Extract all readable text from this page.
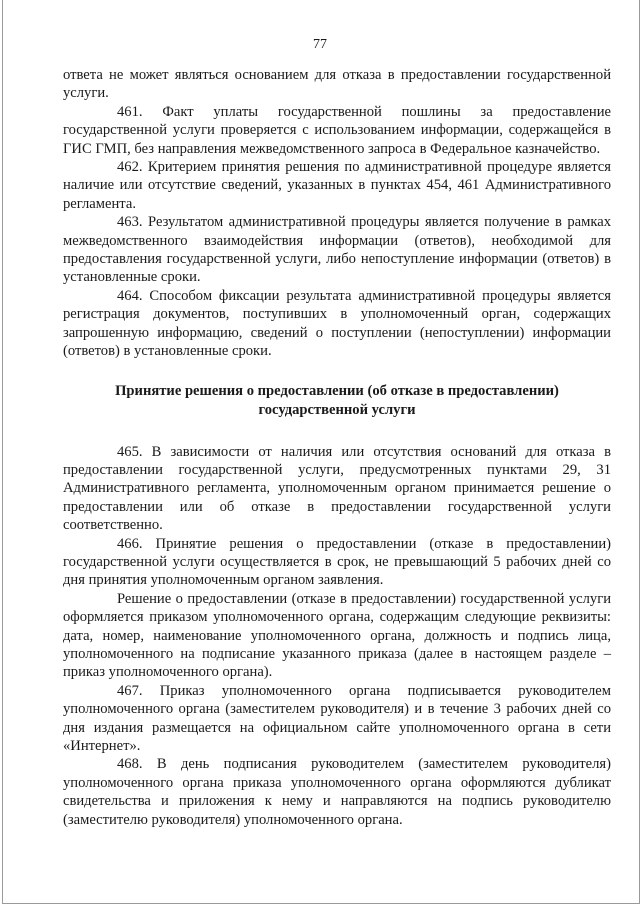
77

ответа не может являться основанием для отказа в предоставлении государственной услуги.

461. Факт уплаты государственной пошлины за предоставление государственной услуги проверяется с использованием информации, содержащейся в ГИС ГМП, без направления межведомственного запроса в Федеральное казначейство.

462. Критерием принятия решения по административной процедуре является наличие или отсутствие сведений, указанных в пунктах 454, 461 Административного регламента.

463. Результатом административной процедуры является получение в рамках межведомственного взаимодействия информации (ответов), необходимой для предоставления государственной услуги, либо непоступление информации (ответов) в установленные сроки.

464. Способом фиксации результата административной процедуры является регистрация документов, поступивших в уполномоченный орган, содержащих запрошенную информацию, сведений о поступлении (непоступлении) информации (ответов) в установленные сроки.

Принятие решения о предоставлении (об отказе в предоставлении)
государственной услуги

465. В зависимости от наличия или отсутствия оснований для отказа в предоставлении государственной услуги, предусмотренных пунктами 29, 31 Административного регламента, уполномоченным органом принимается решение о предоставлении или об отказе в предоставлении государственной услуги соответственно.

466. Принятие решения о предоставлении (отказе в предоставлении) государственной услуги осуществляется в срок, не превышающий 5 рабочих дней со дня принятия уполномоченным органом заявления.

Решение о предоставлении (отказе в предоставлении) государственной услуги оформляется приказом уполномоченного органа, содержащим следующие реквизиты: дата, номер, наименование уполномоченного органа, должность и подпись лица, уполномоченного на подписание указанного приказа (далее в настоящем разделе – приказ уполномоченного органа).

467. Приказ уполномоченного органа подписывается руководителем уполномоченного органа (заместителем руководителя) и в течение 3 рабочих дней со дня издания размещается на официальном сайте уполномоченного органа в сети «Интернет».

468. В день подписания руководителем (заместителем руководителя) уполномоченного органа приказа уполномоченного органа оформляются дубликат свидетельства и приложения к нему и направляются на подпись руководителю (заместителю руководителя) уполномоченного органа.
